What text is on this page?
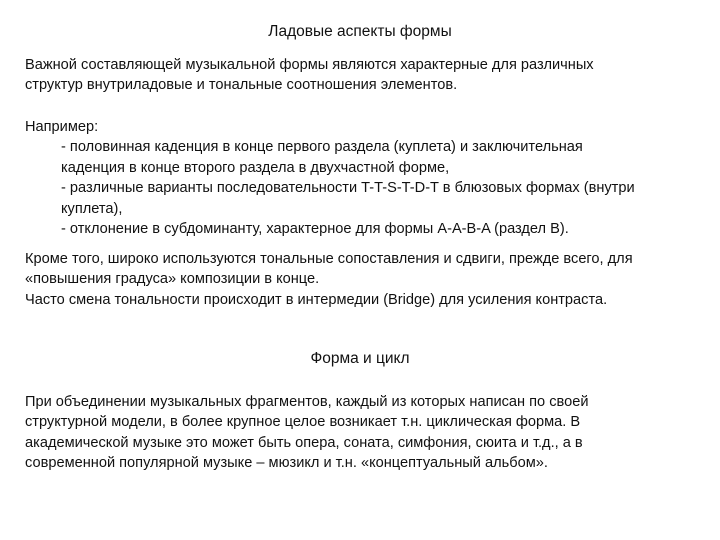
Ладовые аспекты формы
Важной составляющей музыкальной формы являются характерные для различных
структур внутриладовые и тональные соотношения элементов.
Например:
- половинная каденция в конце первого раздела (куплета) и заключительная
каденция в конце второго раздела в двухчастной форме,
- различные варианты последовательности T-T-S-T-D-T в блюзовых формах (внутри
куплета),
- отклонение в субдоминанту, характерное для формы A-A-B-A (раздел B).
Кроме того, широко используются тональные сопоставления и сдвиги, прежде всего, для
«повышения градуса» композиции в конце.
Часто смена тональности происходит в интермедии (Bridge) для усиления контраста.
Форма и цикл
При объединении музыкальных фрагментов, каждый из которых написан по своей
структурной модели, в более крупное целое возникает т.н. циклическая форма. В
академической музыке это может быть опера, соната, симфония, сюита и т.д., а в
современной популярной музыке – мюзикл и т.н. «концептуальный альбом».
